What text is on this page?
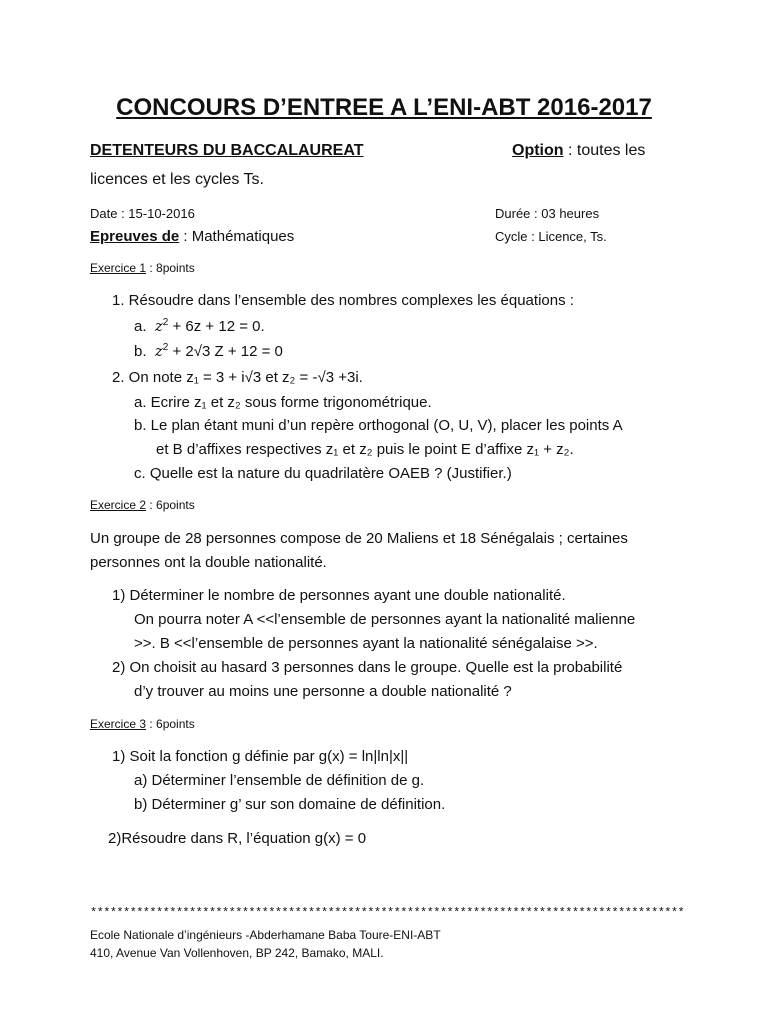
CONCOURS D’ENTREE A L’ENI-ABT 2016-2017
DETENTEURS DU BACCALAUREAT	Option : toutes les
licences et les cycles Ts.
Date : 15-10-2016	Durée : 03 heures
Epreuves de : Mathématiques	Cycle : Licence, Ts.
Exercice 1 : 8points
1. Résoudre dans l’ensemble des nombres complexes les équations :
a. $z^2 + 6z + 12 = 0$.
b. $z^2 + 2√3$ Z + 12 = 0
2. On note z₁ = 3 + i√3 et z₂ = -√3 +3i.
a. Ecrire z₁ et z₂ sous forme trigonométrique.
b. Le plan étant muni d’un repère orthogonal (O, U, V), placer les points A
et B d’affixes respectives z₁ et z₂ puis le point E d’affixe z₁ + z₂.
c. Quelle est la nature du quadrilatère OAEB ? (Justifier.)
Exercice 2 : 6points
Un groupe de 28 personnes compose de 20 Maliens et 18 Sénégalais ; certaines
personnes ont la double nationalité.
1) Déterminer le nombre de personnes ayant une double nationalité.
On pourra noter A <<l’ensemble de personnes ayant la nationalité malienne
>>. B <<l’ensemble de personnes ayant la nationalité sénégalaise >>.
2) On choisit au hasard 3 personnes dans le groupe. Quelle est la probabilité
d’y trouver au moins une personne a double nationalité ?
Exercice 3 : 6points
1) Soit la fonction g définie par g(x) = ln|ln|x||
a) Déterminer l’ensemble de définition de g.
b) Déterminer g’ sur son domaine de définition.
2)Résoudre dans R, l’équation g(x) = 0
******************************************************************************************
Ecole Nationale d’ingénieurs -Abderhamane Baba Toure-ENI-ABT
410, Avenue Van Vollenhoven, BP 242, Bamako, MALI.
